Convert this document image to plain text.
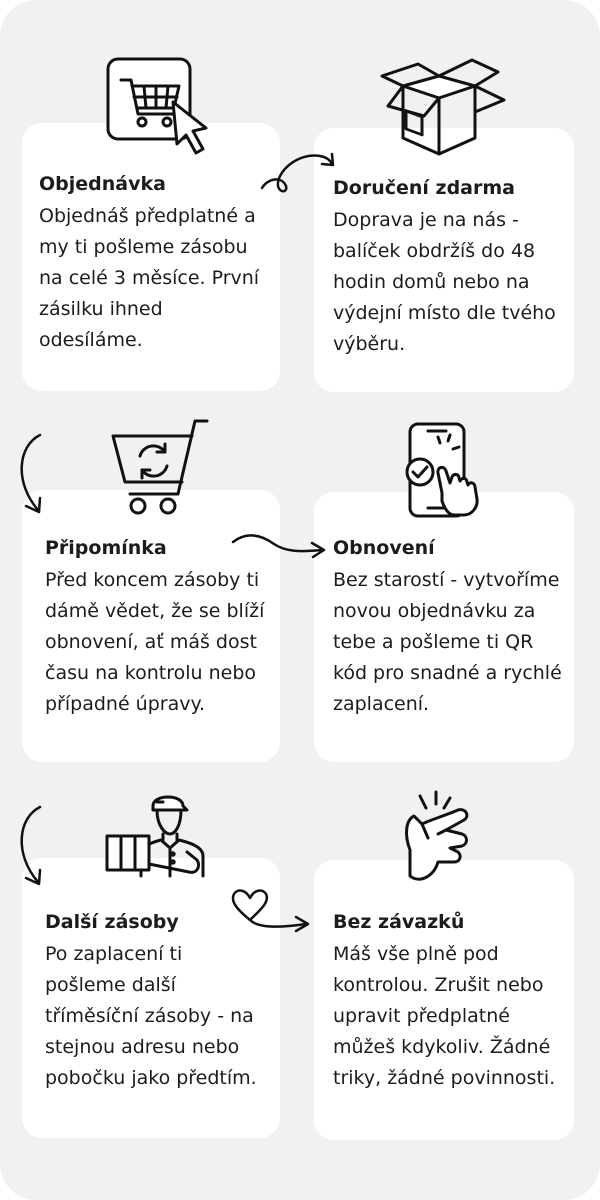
Objednávka

Objednáš předplatné a my ti pošleme zásobu na celé 3 měsíce. První zásilku ihned odesíláme.

Doručení zdarma

Doprava je na nás - balíček obdržíš do 48 hodin domů nebo na výdejní místo dle tvého výběru.

Připomínka

Před koncem zásoby ti dámě vědet, že se blíží obnovení, ať máš dost času na kontrolu nebo případné úpravy.

Obnovení

Bez starostí - vytvoříme novou objednávku za tebe a pošleme ti QR kód pro snadné a rychlé zaplacení.

Další zásoby

Po zaplacení ti pošleme další tříměsíční zásoby - na stejnou adresu nebo pobočku jako předtím.

Bez závazků

Máš vše plně pod kontrolou. Zrušit nebo upravit předplatné můžeš kdykoliv. Žádné triky, žádné povinnosti.
